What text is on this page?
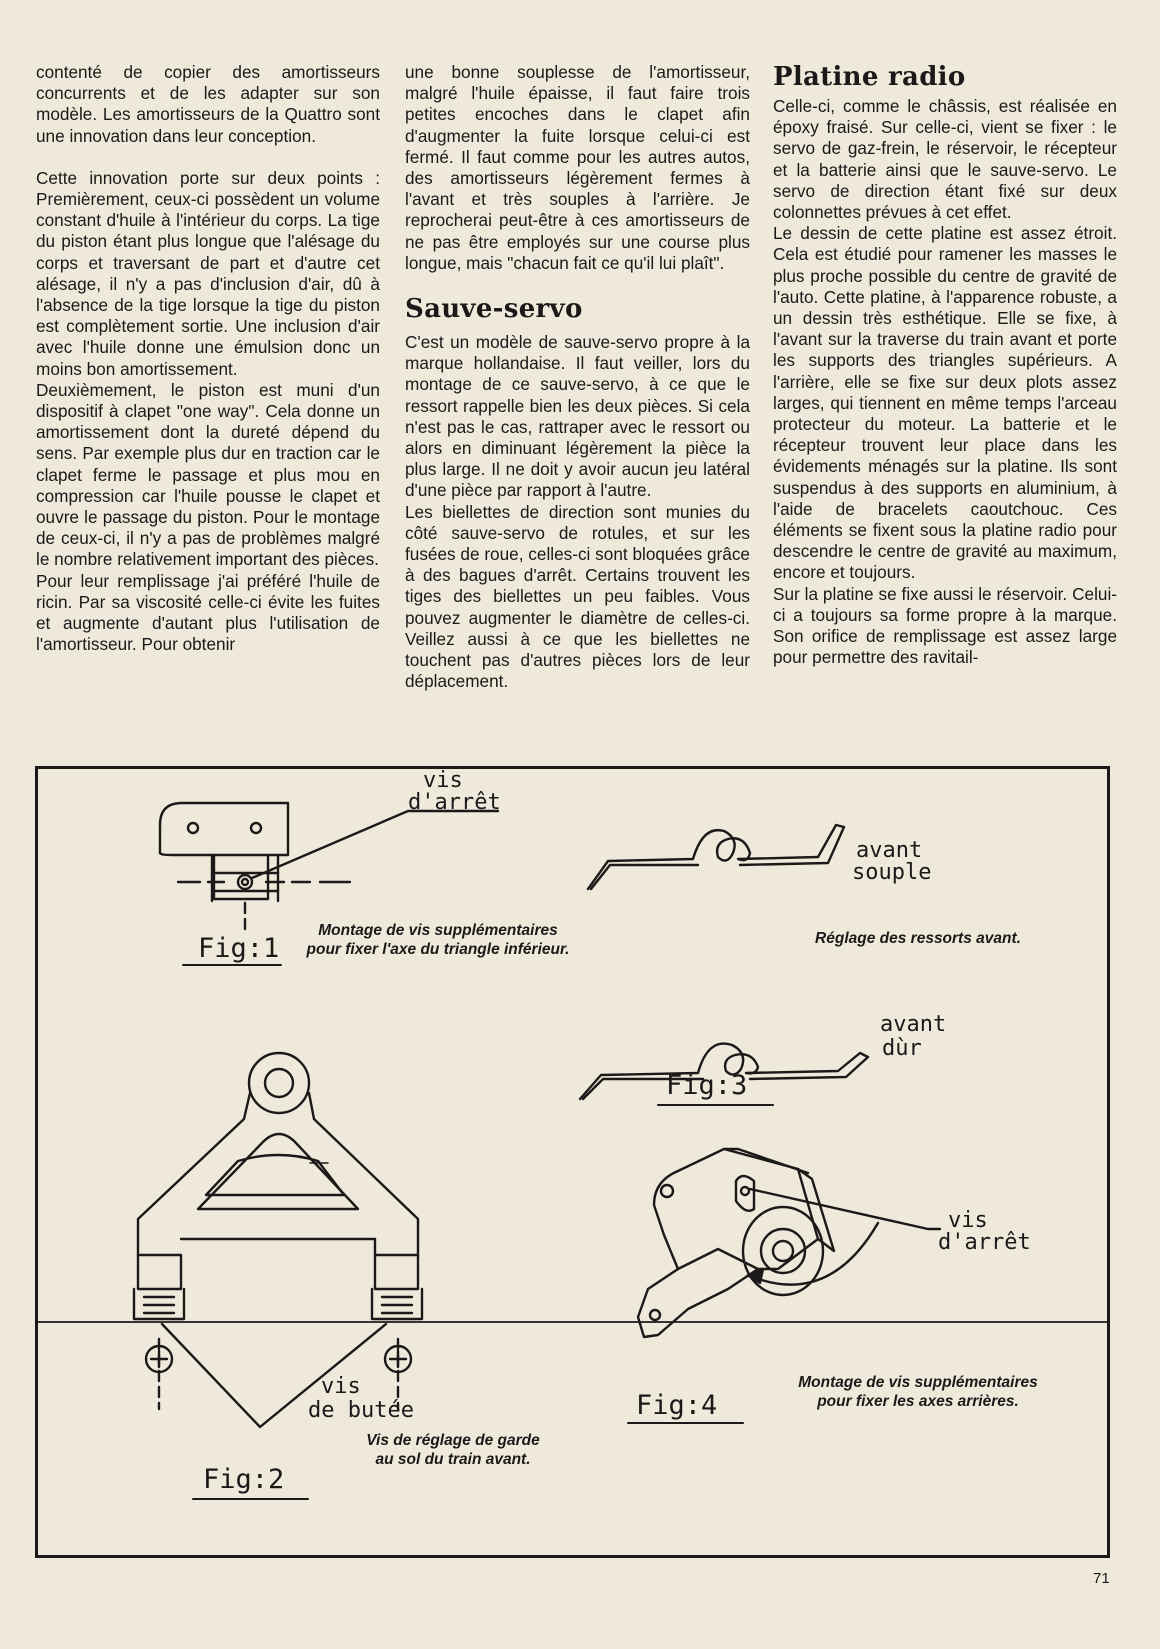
contenté de copier des amortisseurs concurrents et de les adapter sur son modèle. Les amortisseurs de la Quattro sont une innovation dans leur conception.

Cette innovation porte sur deux points : Premièrement, ceux-ci possèdent un volume constant d'huile à l'intérieur du corps. La tige du piston étant plus longue que l'alésage du corps et traversant de part et d'autre cet alésage, il n'y a pas d'inclusion d'air, dû à l'absence de la tige lorsque la tige du piston est complètement sortie. Une inclusion d'air avec l'huile donne une émulsion donc un moins bon amortissement.

Deuxièmement, le piston est muni d'un dispositif à clapet "one way". Cela donne un amortissement dont la dureté dépend du sens. Par exemple plus dur en traction car le clapet ferme le passage et plus mou en compression car l'huile pousse le clapet et ouvre le passage du piston. Pour le montage de ceux-ci, il n'y a pas de problèmes malgré le nombre relativement important des pièces.

Pour leur remplissage j'ai préféré l'huile de ricin. Par sa viscosité celle-ci évite les fuites et augmente d'autant plus l'utilisation de l'amortisseur. Pour obtenir

une bonne souplesse de l'amortisseur, malgré l'huile épaisse, il faut faire trois petites encoches dans le clapet afin d'augmenter la fuite lorsque celui-ci est fermé. Il faut comme pour les autres autos, des amortisseurs légèrement fermes à l'avant et très souples à l'arrière. Je reprocherai peut-être à ces amortisseurs de ne pas être employés sur une course plus longue, mais "chacun fait ce qu'il lui plaît".

Sauve-servo

C'est un modèle de sauve-servo propre à la marque hollandaise. Il faut veiller, lors du montage de ce sauve-servo, à ce que le ressort rappelle bien les deux pièces. Si cela n'est pas le cas, rattraper avec le ressort ou alors en diminuant légèrement la pièce la plus large. Il ne doit y avoir aucun jeu latéral d'une pièce par rapport à l'autre.

Les biellettes de direction sont munies du côté sauve-servo de rotules, et sur les fusées de roue, celles-ci sont bloquées grâce à des bagues d'arrêt. Certains trouvent les tiges des biellettes un peu faibles. Vous pouvez augmenter le diamètre de celles-ci. Veillez aussi à ce que les biellettes ne touchent pas d'autres pièces lors de leur déplacement.

Platine radio

Celle-ci, comme le châssis, est réalisée en époxy fraisé. Sur celle-ci, vient se fixer : le servo de gaz-frein, le réservoir, le récepteur et la batterie ainsi que le sauve-servo. Le servo de direction étant fixé sur deux colonnettes prévues à cet effet.

Le dessin de cette platine est assez étroit. Cela est étudié pour ramener les masses le plus proche possible du centre de gravité de l'auto. Cette platine, à l'apparence robuste, a un dessin très esthétique. Elle se fixe, à l'avant sur la traverse du train avant et porte les supports des triangles supérieurs. A l'arrière, elle se fixe sur deux plots assez larges, qui tiennent en même temps l'arceau protecteur du moteur. La batterie et le récepteur trouvent leur place dans les évidements ménagés sur la platine. Ils sont suspendus à des supports en aluminium, à l'aide de bracelets caoutchouc. Ces éléments se fixent sous la platine radio pour descendre le centre de gravité au maximum, encore et toujours.

Sur la platine se fixe aussi le réservoir. Celui-ci a toujours sa forme propre à la marque. Son orifice de remplissage est assez large pour permettre des ravitail-

vis
d'arrêt
Fig:1
Montage de vis supplémentaires
pour fixer l'axe du triangle inférieur.
avant
souple
Réglage des ressorts avant.
avant
dùr
Fig:3
vis
d'arrêt
Montage de vis supplémentaires
pour fixer les axes arrières.
Fig:4
vis
de butée
Fig:2
Vis de réglage de garde
au sol du train avant.
71
